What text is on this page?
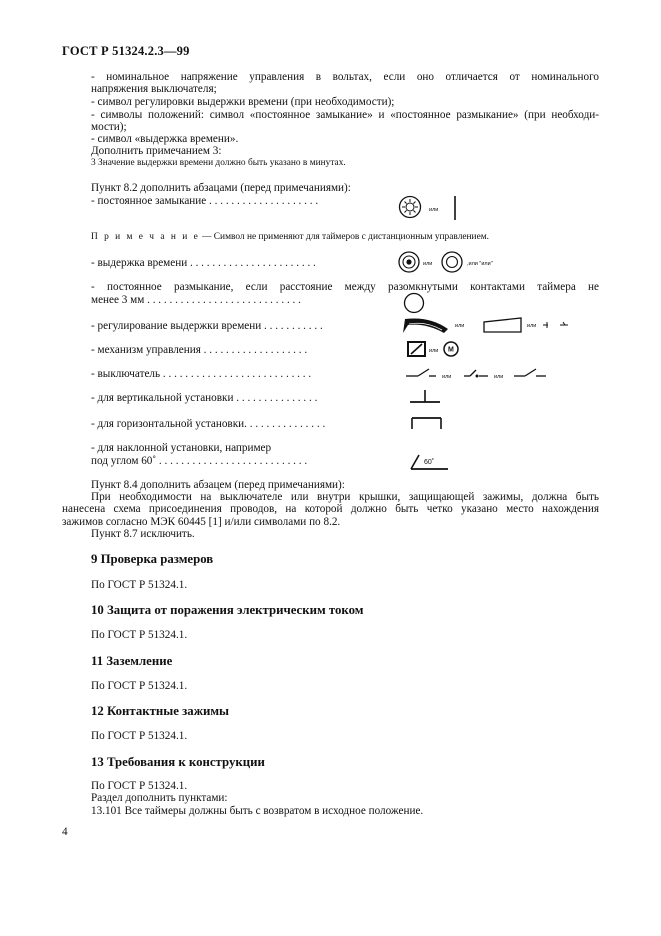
ГОСТ Р 51324.2.3—99
- номинальное напряжение управления в вольтах, если оно отличается от номинального
напряжения выключателя;
- символ регулировки выдержки времени (при необходимости);
- символы положений: символ «постоянное замыкание» и «постоянное размыкание» (при необходи-
мости);
- символ «выдержка времени».
Дополнить примечанием 3:
3 Значение выдержки времени должно быть указано в минутах.
Пункт 8.2 дополнить абзацами (перед примечаниями):
- постоянное замыкание . . . . . . . . . . . . . . . . . . . .
или
П р и м е ч а н и е — Символ не применяют для таймеров с дистанционным управлением.
- выдержка времени . . . . . . . . . . . . . . . . . . . . . . .	или	,или "или"
- постоянное размыкание, если расстояние между разомкнутыми контактами таймера не
менее 3 мм . . . . . . . . . . . . . . . . . . . . . . . . . . . .
- регулирование выдержки времени . . . . . . . . . . .	или	или
- механизм управления . . . . . . . . . . . . . . . . . . .	или M
- выключатель . . . . . . . . . . . . . . . . . . . . . . . . . . .	или	или
- для вертикальной установки . . . . . . . . . . . . . . .
- для горизонтальной установки. . . . . . . . . . . . . . .
- для наклонной установки, например
под углом 60˚ . . . . . . . . . . . . . . . . . . . . . . . . . . .	60˚
Пункт 8.4 дополнить абзацем (перед примечаниями):
При необходимости на выключателе или внутри крышки, защищающей зажимы, должна быть
нанесена схема присоединения проводов, на которой должно быть четко указано место нахождения
зажимов согласно МЭК 60445 [1] и/или символами по 8.2.
Пункт 8.7 исключить.
9 Проверка размеров
По ГОСТ Р 51324.1.
10 Защита от поражения электрическим током
По ГОСТ Р 51324.1.
11 Заземление
По ГОСТ Р 51324.1.
12 Контактные зажимы
По ГОСТ Р 51324.1.
13 Требования к конструкции
По ГОСТ Р 51324.1.
Раздел дополнить пунктами:
13.101 Все таймеры должны быть с возвратом в исходное положение.
4
